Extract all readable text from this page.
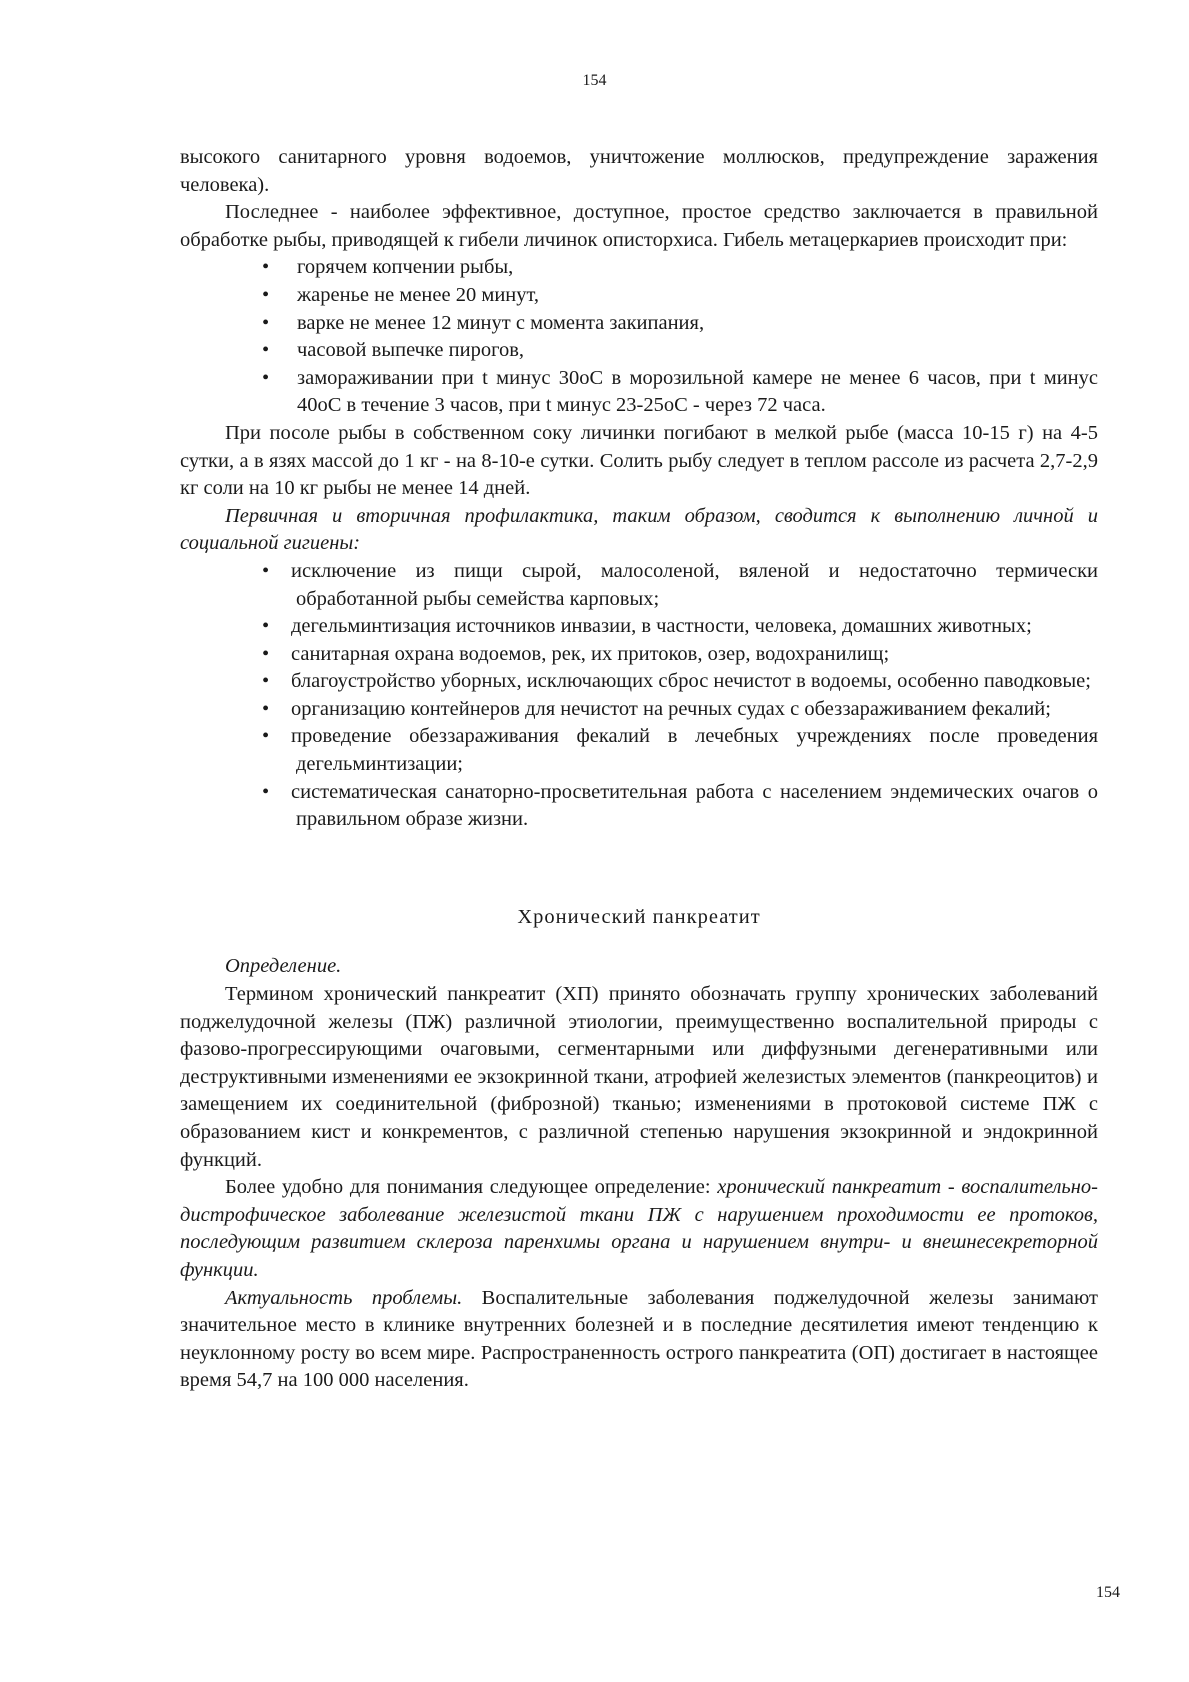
154

высокого санитарного уровня водоемов, уничтожение моллюсков, предупреждение заражения человека).

Последнее - наиболее эффективное, доступное, простое средство заключается в правильной обработке рыбы, приводящей к гибели личинок описторхиса. Гибель метацеркариев происходит при:

• горячем копчении рыбы,
• жаренье не менее 20 минут,
• варке не менее 12 минут с момента закипания,
• часовой выпечке пирогов,
• замораживании при t минус 30оС в морозильной камере не менее 6 часов, при t минус 40оС в течение 3 часов, при t минус 23-25оС - через 72 часа.

При посоле рыбы в собственном соку личинки погибают в мелкой рыбе (масса 10-15 г) на 4-5 сутки, а в язях массой до 1 кг - на 8-10-е сутки. Солить рыбу следует в теплом рассоле из расчета 2,7-2,9 кг соли на 10 кг рыбы не менее 14 дней.

Первичная и вторичная профилактика, таким образом, сводится к выполнению личной и социальной гигиены:

• исключение из пищи сырой, малосоленой, вяленой и недостаточно термически обработанной рыбы семейства карповых;
• дегельминтизация источников инвазии, в частности, человека, домашних животных;
• санитарная охрана водоемов, рек, их притоков, озер, водохранилищ;
• благоустройство уборных, исключающих сброс нечистот в водоемы, особенно паводковые;
• организацию контейнеров для нечистот на речных судах с обеззараживанием фекалий;
• проведение обеззараживания фекалий в лечебных учреждениях после проведения дегельминтизации;
• систематическая санаторно-просветительная работа с населением эндемических очагов о правильном образе жизни.
Хронический панкреатит

Определение.

Термином хронический панкреатит (ХП) принято обозначать группу хронических заболеваний поджелудочной железы (ПЖ) различной этиологии, преимущественно воспалительной природы с фазово-прогрессирующими очаговыми, сегментарными или диффузными дегенеративными или деструктивными изменениями ее экзокринной ткани, атрофией железистых элементов (панкреоцитов) и замещением их соединительной (фиброзной) тканью; изменениями в протоковой системе ПЖ с образованием кист и конкрементов, с различной степенью нарушения экзокринной и эндокринной функций.

Более удобно для понимания следующее определение: хронический панкреатит - воспалительно-дистрофическое заболевание железистой ткани ПЖ с нарушением проходимости ее протоков, последующим развитием склероза паренхимы органа и нарушением внутри- и внешнесекреторной функции.

Актуальность проблемы. Воспалительные заболевания поджелудочной железы занимают значительное место в клинике внутренних болезней и в последние десятилетия имеют тенденцию к неуклонному росту во всем мире. Распространенность острого панкреатита (ОП) достигает в настоящее время 54,7 на 100 000 населения.

154
